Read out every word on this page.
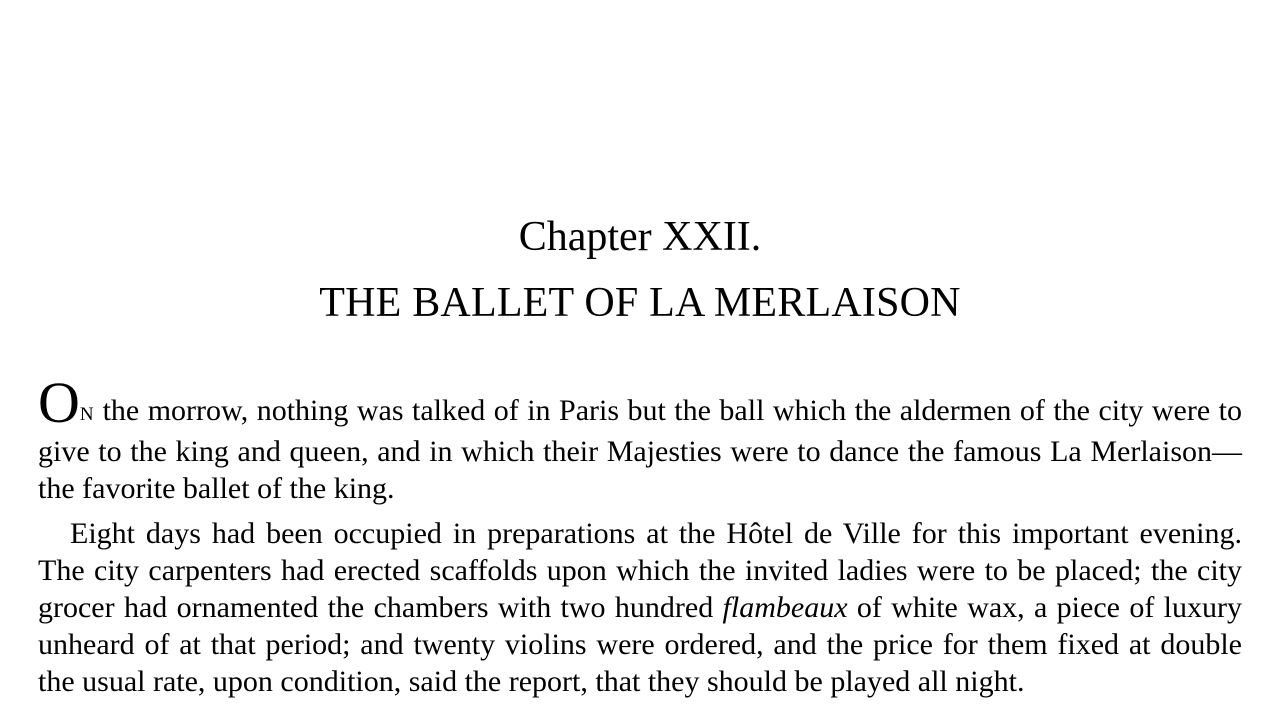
Chapter XXII.
THE BALLET OF LA MERLAISON

ON the morrow, nothing was talked of in Paris but the ball which the aldermen of the city were to give to the king and queen, and in which their Majesties were to dance the famous La Merlaison—the favorite ballet of the king.

Eight days had been occupied in preparations at the Hôtel de Ville for this important evening. The city carpenters had erected scaffolds upon which the invited ladies were to be placed; the city grocer had ornamented the chambers with two hundred flambeaux of white wax, a piece of luxury unheard of at that period; and twenty violins were ordered, and the price for them fixed at double the usual rate, upon condition, said the report, that they should be played all night.
